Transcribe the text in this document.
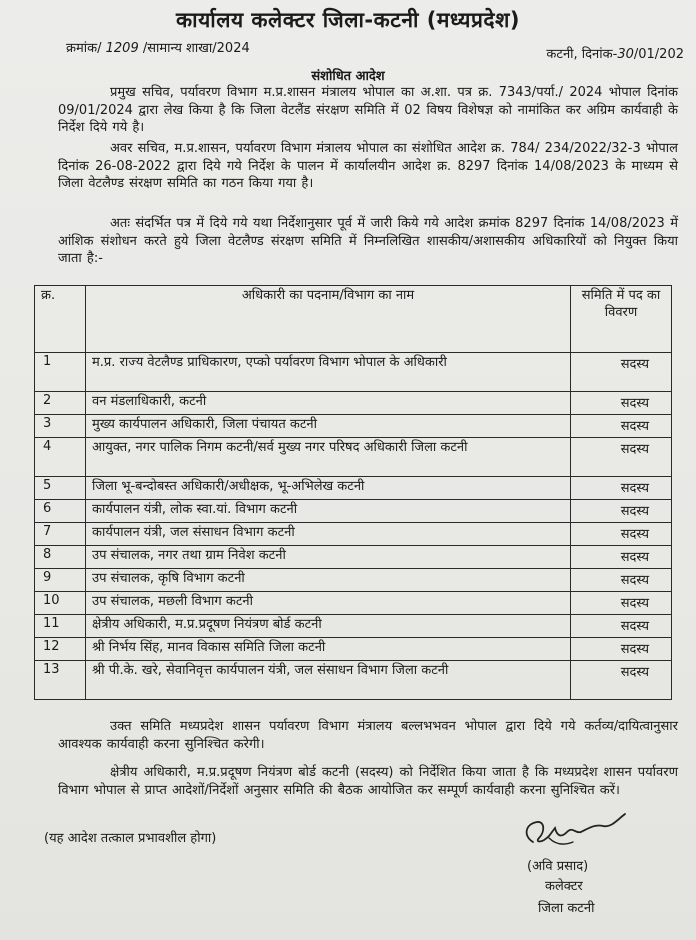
कार्यालय कलेक्टर जिला-कटनी (मध्यप्रदेश)
क्रमांक/ 1209 /सामान्य शाखा/2024	कटनी, दिनांक-30/01/202
संशोधित आदेश
प्रमुख सचिव, पर्यावरण विभाग म.प्र.शासन मंत्रालय भोपाल का अ.शा. पत्र क्र. 7343/पर्या./ 2024 भोपाल दिनांक 09/01/2024 द्वारा लेख किया है कि जिला वेटलैंड संरक्षण समिति में 02 विषय विशेषज्ञ को नामांकित कर अग्रिम कार्यवाही के निर्देश दिये गये है।
अवर सचिव, म.प्र.शासन, पर्यावरण विभाग मंत्रालय भोपाल का संशोधित आदेश क्र. 784/ 234/2022/32-3 भोपाल दिनांक 26-08-2022 द्वारा दिये गये निर्देश के पालन में कार्यालयीन आदेश क्र. 8297 दिनांक 14/08/2023 के माध्यम से जिला वेटलैण्ड संरक्षण समिति का गठन किया गया है।
अतः संदर्भित पत्र में दिये गये यथा निर्देशानुसार पूर्व में जारी किये गये आदेश क्रमांक 8297 दिनांक 14/08/2023 में आंशिक संशोधन करते हुये जिला वेटलैण्ड संरक्षण समिति में निम्नलिखित शासकीय/अशासकीय अधिकारियों को नियुक्त किया जाता है:-
क्र.	अधिकारी का पदनाम/विभाग का नाम	समिति में पद का विवरण
1	म.प्र. राज्य वेटलैण्ड प्राधिकारण, एप्को पर्यावरण विभाग भोपाल के अधिकारी	सदस्य
2	वन मंडलाधिकारी, कटनी	सदस्य
3	मुख्य कार्यपालन अधिकारी, जिला पंचायत कटनी	सदस्य
4	आयुक्त, नगर पालिक निगम कटनी/सर्व मुख्य नगर परिषद अधिकारी जिला कटनी	सदस्य
5	जिला भू-बन्दोबस्त अधिकारी/अधीक्षक, भू-अभिलेख कटनी	सदस्य
6	कार्यपालन यंत्री, लोक स्वा.यां. विभाग कटनी	सदस्य
7	कार्यपालन यंत्री, जल संसाधन विभाग कटनी	सदस्य
8	उप संचालक, नगर तथा ग्राम निवेश कटनी	सदस्य
9	उप संचालक, कृषि विभाग कटनी	सदस्य
10	उप संचालक, मछली विभाग कटनी	सदस्य
11	क्षेत्रीय अधिकारी, म.प्र.प्रदूषण नियंत्रण बोर्ड कटनी	सदस्य
12	श्री निर्भय सिंह, मानव विकास समिति जिला कटनी	सदस्य
13	श्री पी.के. खरे, सेवानिवृत्त कार्यपालन यंत्री, जल संसाधन विभाग जिला कटनी	सदस्य
उक्त समिति मध्यप्रदेश शासन पर्यावरण विभाग मंत्रालय बल्लभभवन भोपाल द्वारा दिये गये कर्तव्य/दायित्वानुसार आवश्यक कार्यवाही करना सुनिश्चित करेगी।
क्षेत्रीय अधिकारी, म.प्र.प्रदूषण नियंत्रण बोर्ड कटनी (सदस्य) को निर्देशित किया जाता है कि मध्यप्रदेश शासन पर्यावरण विभाग भोपाल से प्राप्त आदेशों/निर्देशों अनुसार समिति की बैठक आयोजित कर सम्पूर्ण कार्यवाही करना सुनिश्चित करें।
(यह आदेश तत्काल प्रभावशील होगा)
(अवि प्रसाद)
कलेक्टर
जिला कटनी
